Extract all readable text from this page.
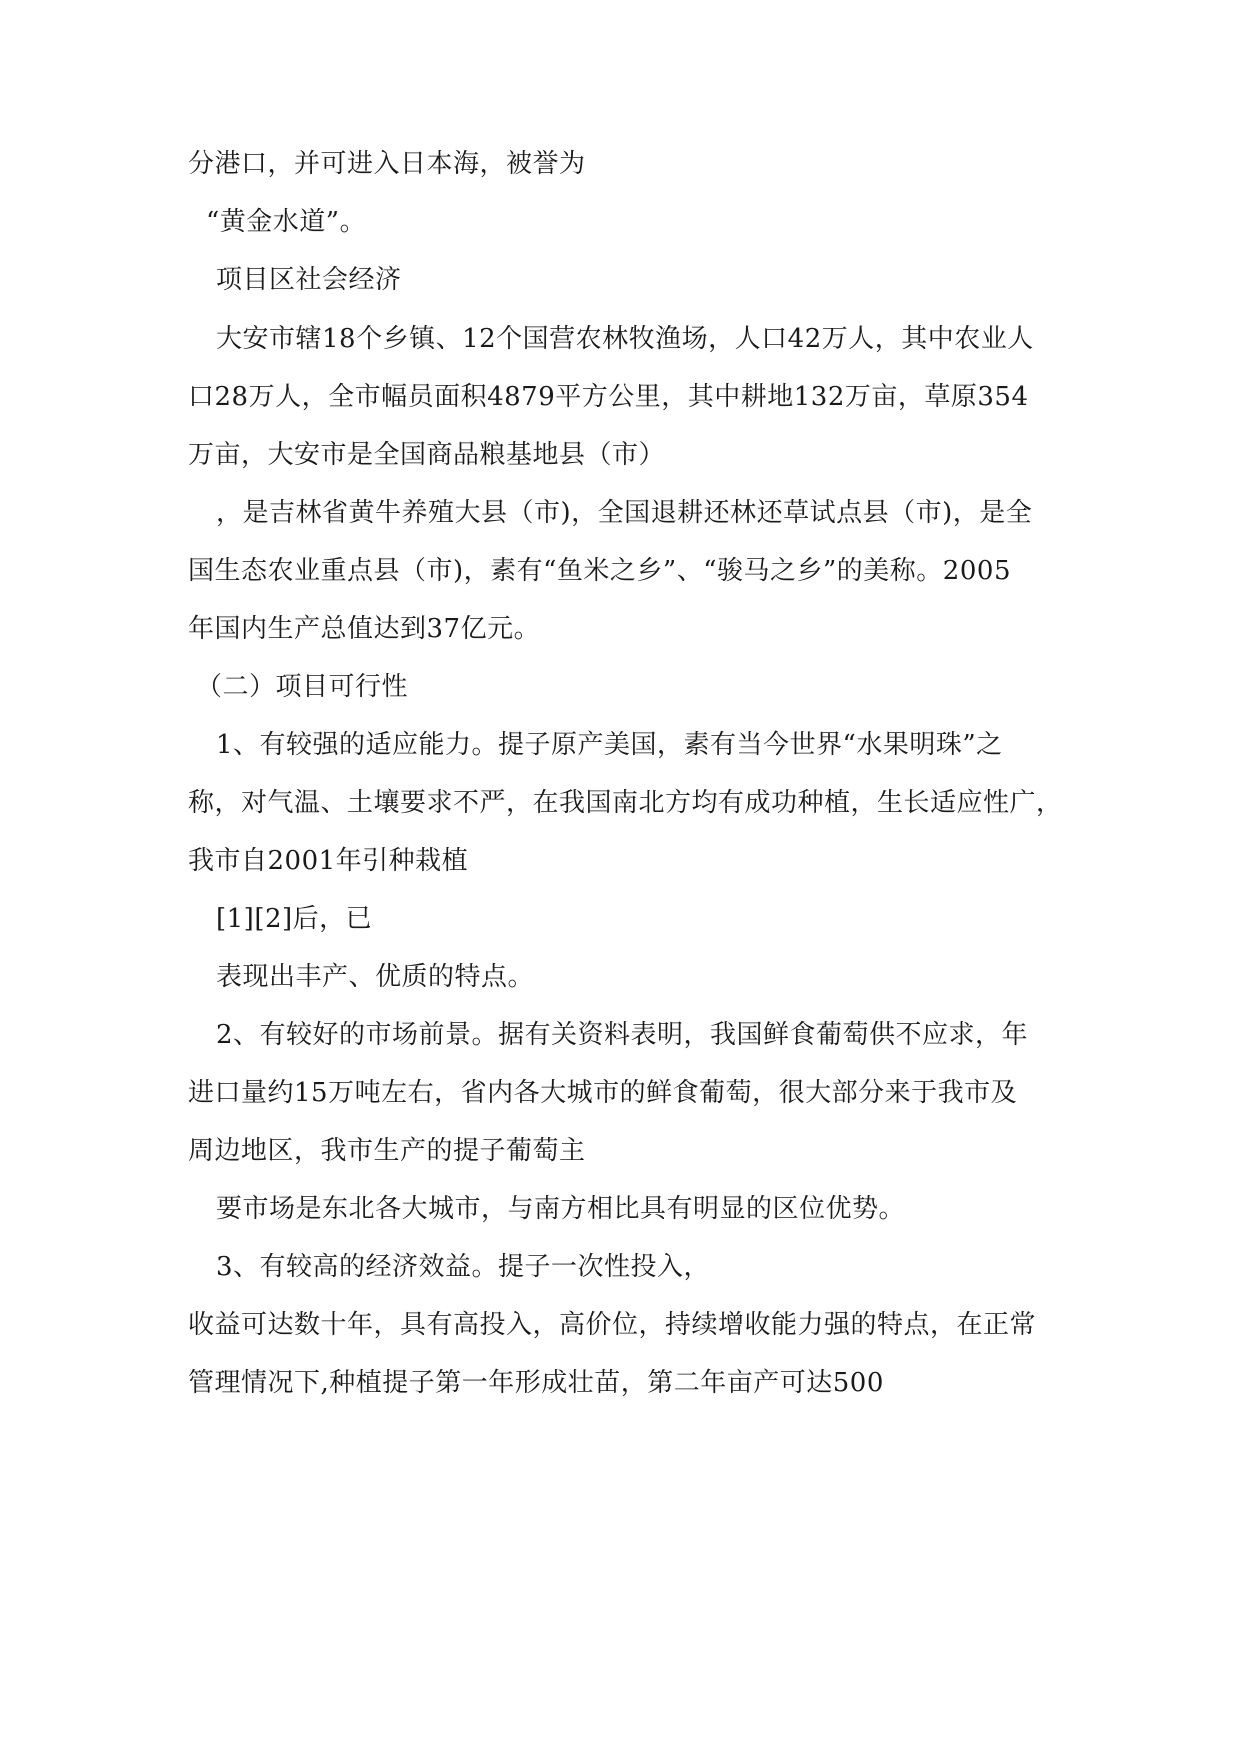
分港口，并可进入日本海，被誉为

“黄金水道”。

项目区社会经济

大安市辖18个乡镇、12个国营农林牧渔场，人口42万人，其中农业人

口28万人，全市幅员面积4879平方公里，其中耕地132万亩，草原354

万亩，大安市是全国商品粮基地县（市）

，是吉林省黄牛养殖大县（市)，全国退耕还林还草试点县（市)，是全

国生态农业重点县（市)，素有“鱼米之乡”、“骏马之乡”的美称。2005

年国内生产总值达到37亿元。

（二）项目可行性

1、有较强的适应能力。提子原产美国，素有当今世界“水果明珠”之

称，对气温、土壤要求不严，在我国南北方均有成功种植，生长适应性广，

我市自2001年引种栽植

[1][2]后，已

表现出丰产、优质的特点。

2、有较好的市场前景。据有关资料表明，我国鲜食葡萄供不应求，年

进口量约15万吨左右，省内各大城市的鲜食葡萄，很大部分来于我市及

周边地区，我市生产的提子葡萄主

要市场是东北各大城市，与南方相比具有明显的区位优势。

3、有较高的经济效益。提子一次性投入，

收益可达数十年，具有高投入，高价位，持续增收能力强的特点，在正常

管理情况下,种植提子第一年形成壮苗，第二年亩产可达500
